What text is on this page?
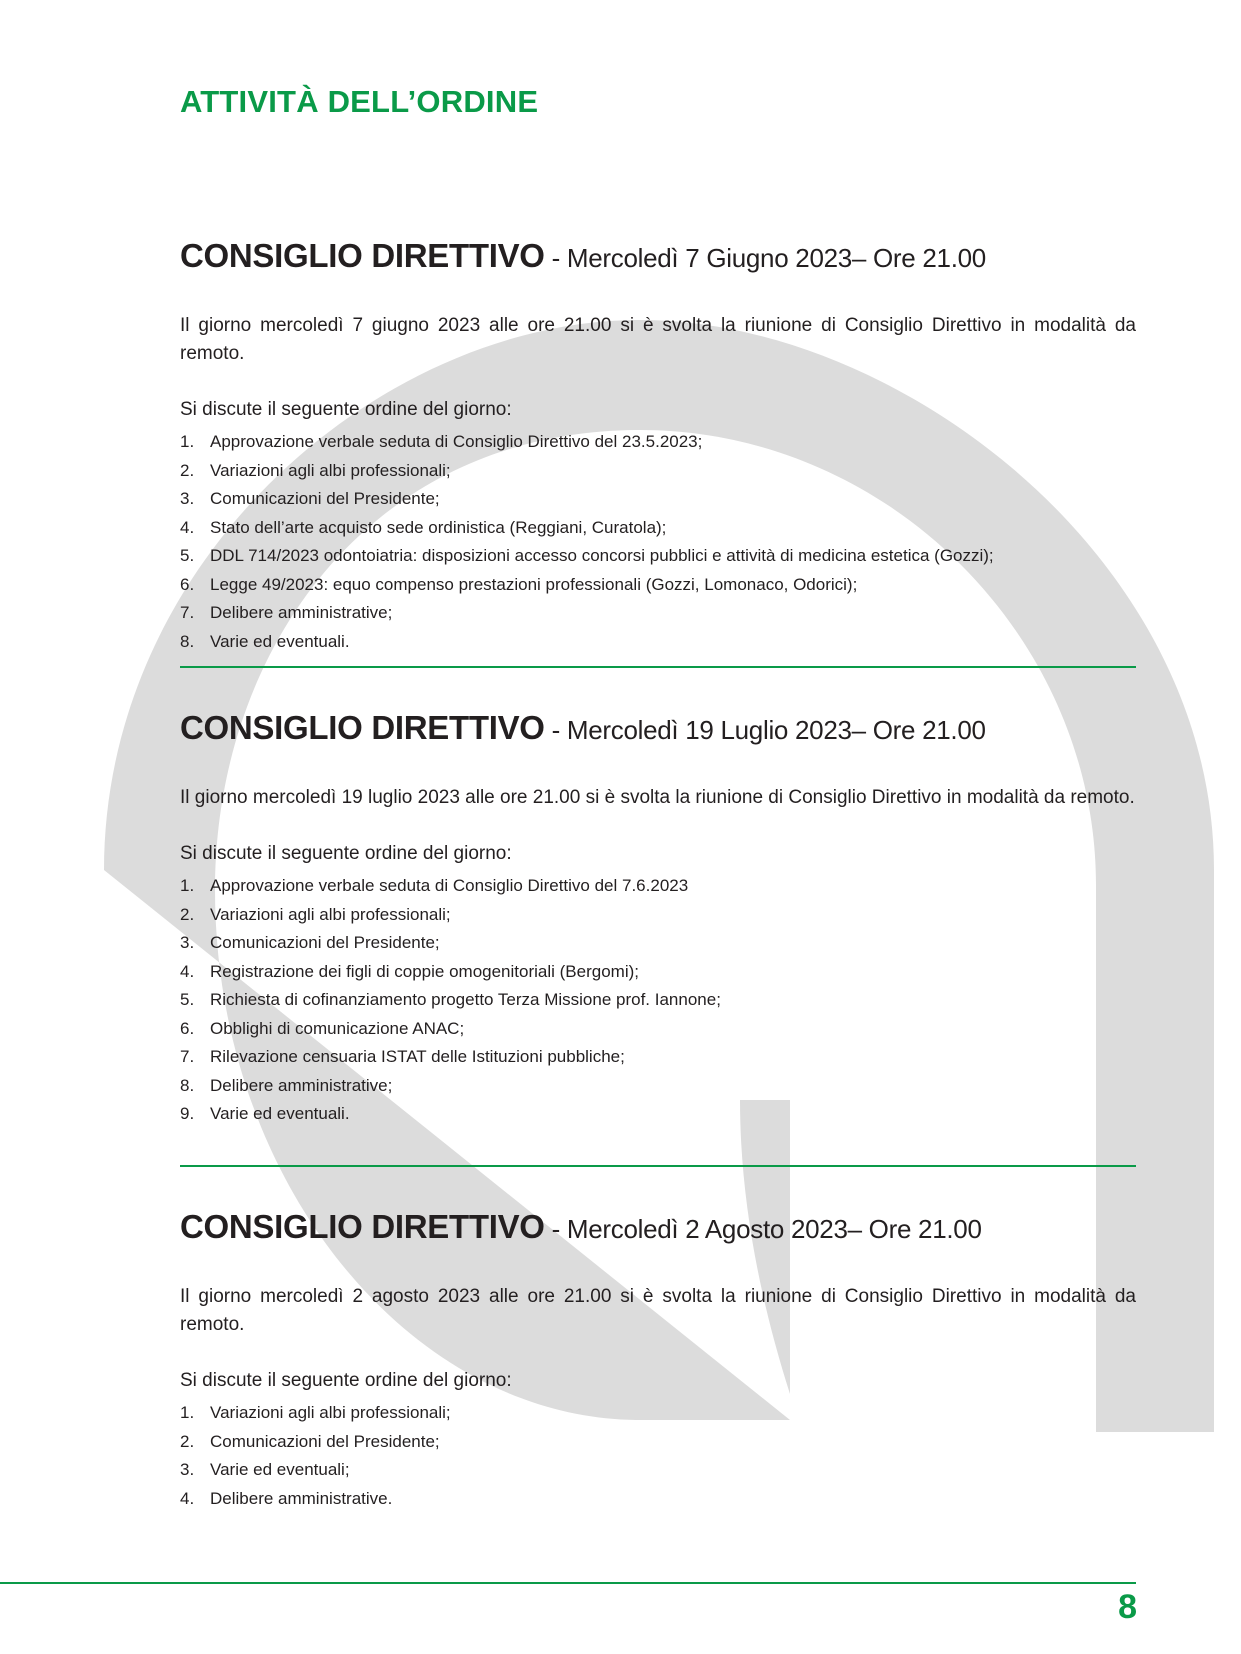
ATTIVITÀ DELL’ORDINE
CONSIGLIO DIRETTIVO - Mercoledì 7 Giugno 2023– Ore 21.00

Il giorno mercoledì 7 giugno 2023 alle ore 21.00 si è svolta la riunione di Consiglio Direttivo in modalità da remoto.

Si discute il seguente ordine del giorno:

1. Approvazione verbale seduta di Consiglio Direttivo del 23.5.2023;
2. Variazioni agli albi professionali;
3. Comunicazioni del Presidente;
4. Stato dell’arte acquisto sede ordinistica (Reggiani, Curatola);
5. DDL 714/2023 odontoiatria: disposizioni accesso concorsi pubblici e attività di medicina estetica (Gozzi);
6. Legge 49/2023: equo compenso prestazioni professionali (Gozzi, Lomonaco, Odorici);
7. Delibere amministrative;
8. Varie ed eventuali.
CONSIGLIO DIRETTIVO - Mercoledì 19 Luglio 2023– Ore 21.00

Il giorno mercoledì 19 luglio 2023 alle ore 21.00 si è svolta la riunione di Consiglio Direttivo in modalità da remoto.

Si discute il seguente ordine del giorno:

1. Approvazione verbale seduta di Consiglio Direttivo del 7.6.2023
2. Variazioni agli albi professionali;
3. Comunicazioni del Presidente;
4. Registrazione dei figli di coppie omogenitoriali (Bergomi);
5. Richiesta di cofinanziamento progetto Terza Missione prof. Iannone;
6. Obblighi di comunicazione ANAC;
7. Rilevazione censuaria ISTAT delle Istituzioni pubbliche;
8. Delibere amministrative;
9. Varie ed eventuali.
CONSIGLIO DIRETTIVO - Mercoledì 2 Agosto 2023– Ore 21.00

Il giorno mercoledì 2 agosto 2023 alle ore 21.00 si è svolta la riunione di Consiglio Direttivo in modalità da remoto.

Si discute il seguente ordine del giorno:

1. Variazioni agli albi professionali;
2. Comunicazioni del Presidente;
3. Varie ed eventuali;
4. Delibere amministrative.

8
